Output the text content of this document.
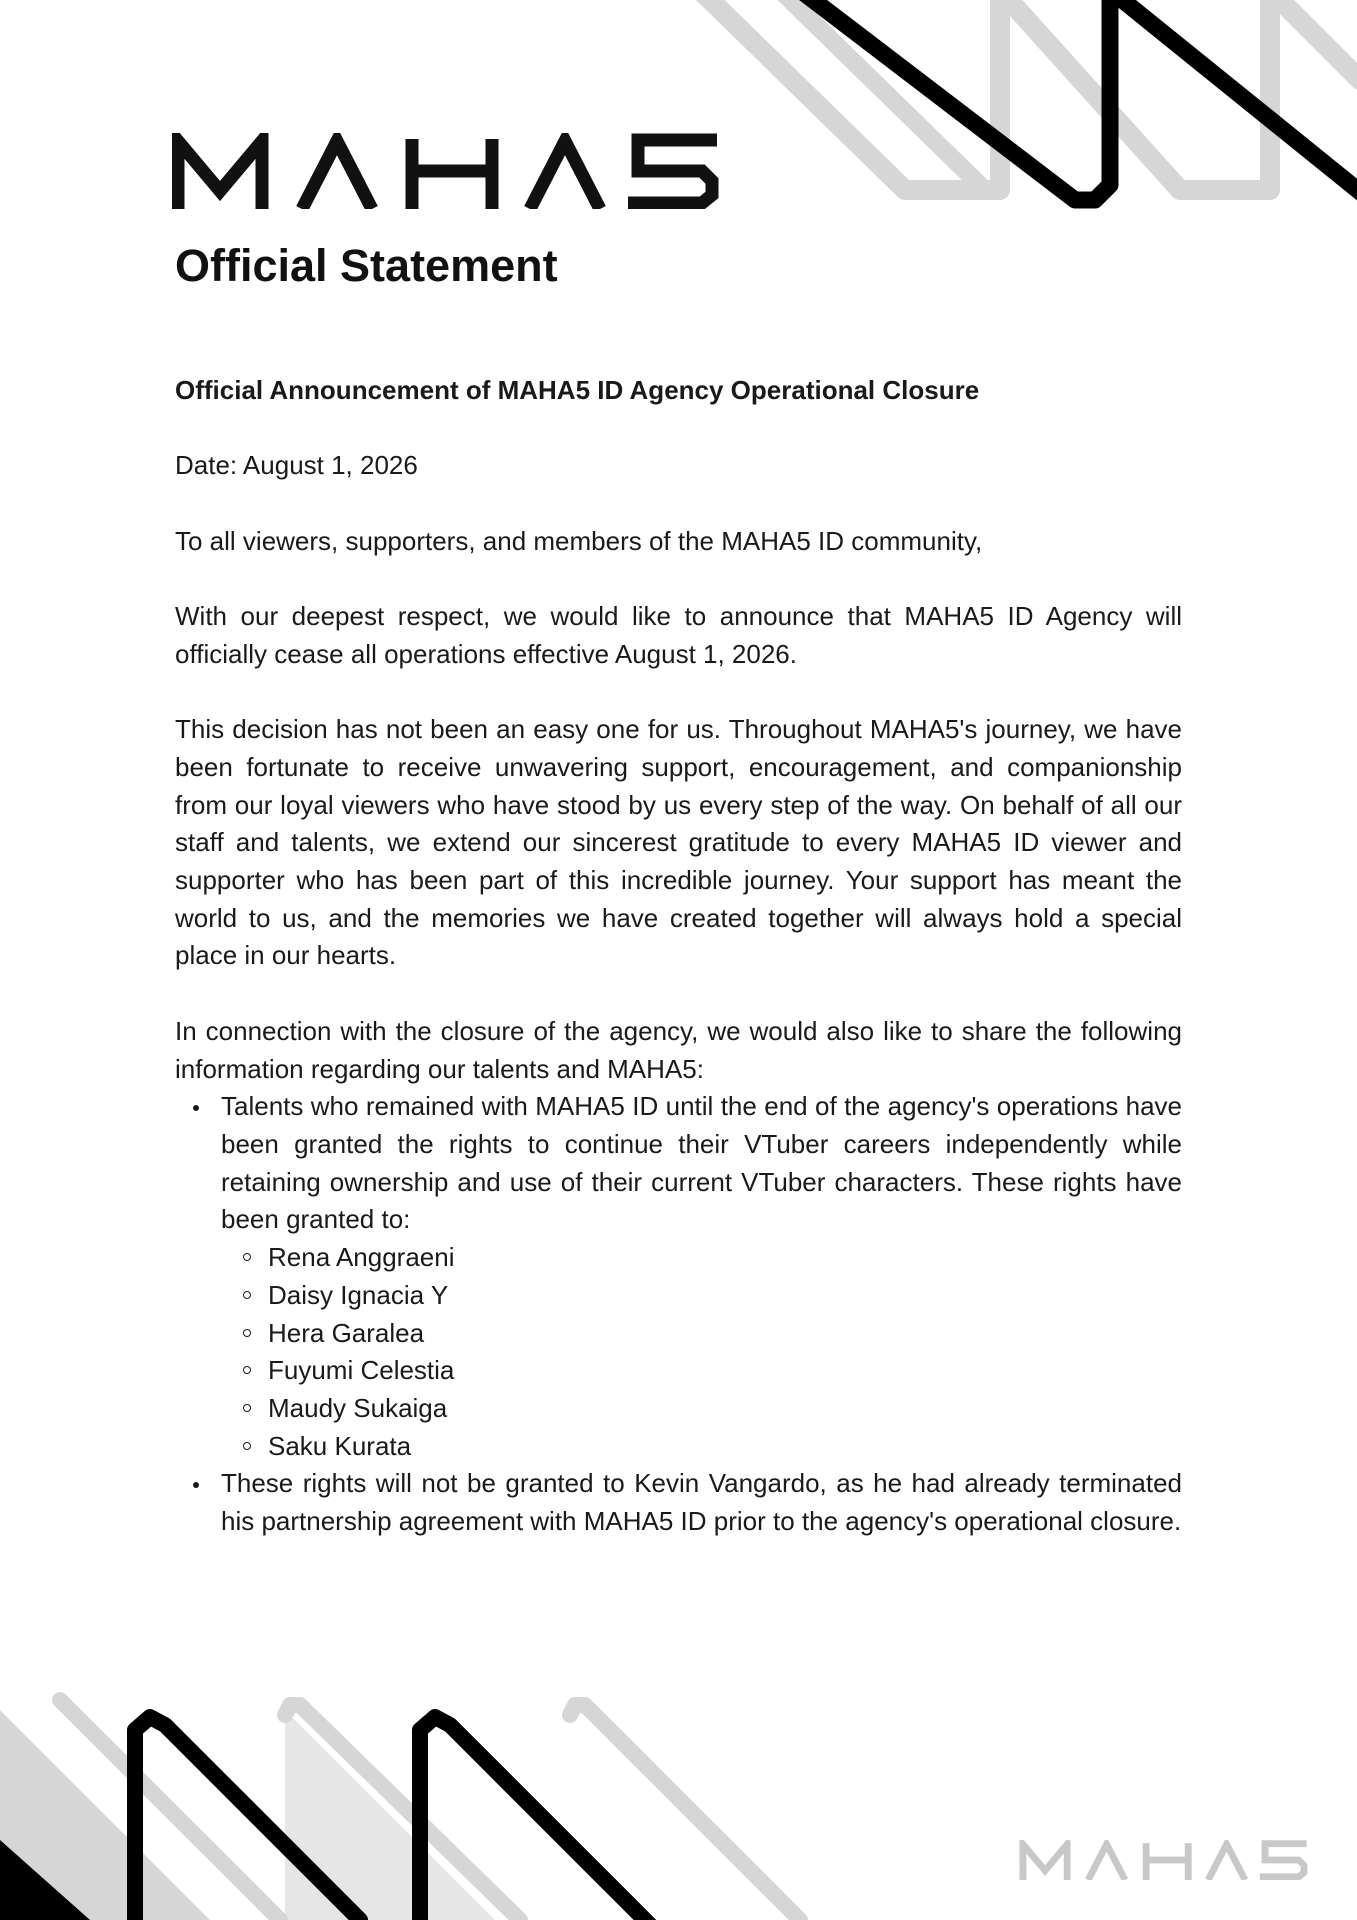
Official Statement

Official Announcement of MAHA5 ID Agency Operational Closure

Date: August 1, 2026

To all viewers, supporters, and members of the MAHA5 ID community,

With our deepest respect, we would like to announce that MAHA5 ID Agency will officially cease all operations effective August 1, 2026.

This decision has not been an easy one for us. Throughout MAHA5's journey, we have been fortunate to receive unwavering support, encouragement, and companionship from our loyal viewers who have stood by us every step of the way. On behalf of all our staff and talents, we extend our sincerest gratitude to every MAHA5 ID viewer and supporter who has been part of this incredible journey. Your support has meant the world to us, and the memories we have created together will always hold a special place in our hearts.

In connection with the closure of the agency, we would also like to share the following information regarding our talents and MAHA5:

Talents who remained with MAHA5 ID until the end of the agency's operations have been granted the rights to continue their VTuber careers independently while retaining ownership and use of their current VTuber characters. These rights have been granted to:
Rena Anggraeni
Daisy Ignacia Y
Hera Garalea
Fuyumi Celestia
Maudy Sukaiga
Saku Kurata
These rights will not be granted to Kevin Vangardo, as he had already terminated his partnership agreement with MAHA5 ID prior to the agency's operational closure.
